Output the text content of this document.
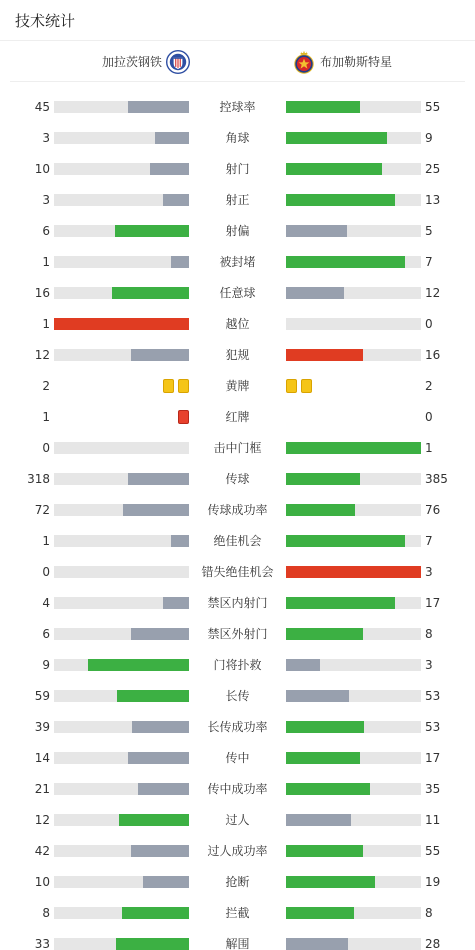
技术统计
加拉茨钢铁	布加勒斯特星
45	控球率	55
3	角球	9
10	射门	25
3	射正	13
6	射偏	5
1	被封堵	7
16	任意球	12
1	越位	0
12	犯规	16
2	黄牌	2
1	红牌	0
0	击中门框	1
318	传球	385
72	传球成功率	76
1	绝佳机会	7
0	错失绝佳机会	3
4	禁区内射门	17
6	禁区外射门	8
9	门将扑救	3
59	长传	53
39	长传成功率	53
14	传中	17
21	传中成功率	35
12	过人	11
42	过人成功率	55
10	抢断	19
8	拦截	8
33	解围	28
